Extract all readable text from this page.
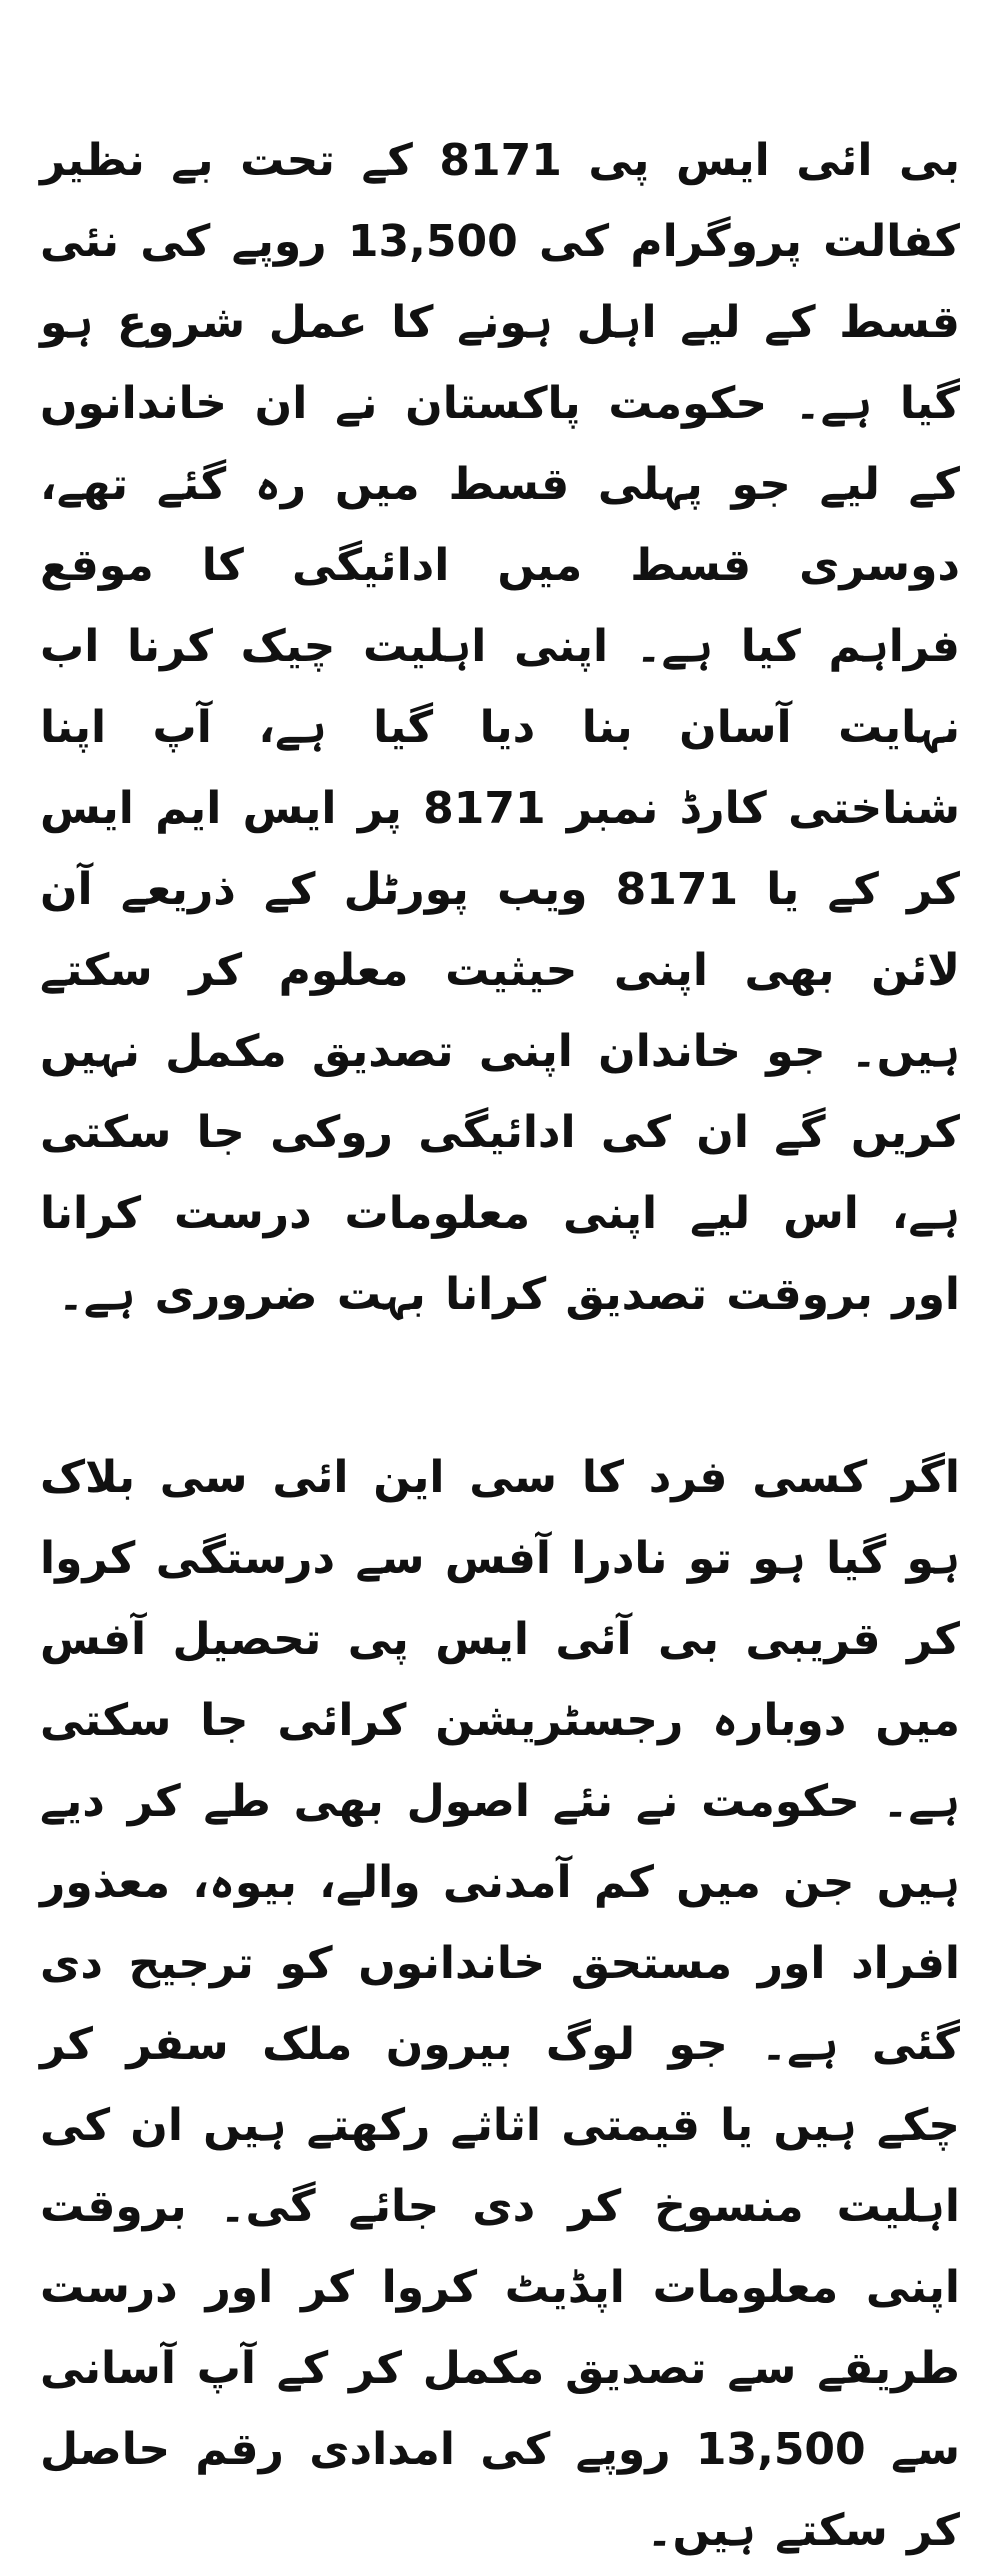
بی ائی ایس پی 8171 کے تحت بے نظیر کفالت پروگرام کی 13,500 روپے کی نئی قسط کے لیے اہل ہونے کا عمل شروع ہو گیا ہے۔ حکومت پاکستان نے ان خاندانوں کے لیے جو پہلی قسط میں رہ گئے تھے، دوسری قسط میں ادائیگی کا موقع فراہم کیا ہے۔ اپنی اہلیت چیک کرنا اب نہایت آسان بنا دیا گیا ہے، آپ اپنا شناختی کارڈ نمبر 8171 پر ایس ایم ایس کر کے یا 8171 ویب پورٹل کے ذریعے آن لائن بھی اپنی حیثیت معلوم کر سکتے ہیں۔ جو خاندان اپنی تصدیق مکمل نہیں کریں گے ان کی ادائیگی روکی جا سکتی ہے، اس لیے اپنی معلومات درست کرانا اور بروقت تصدیق کرانا بہت ضروری ہے۔

اگر کسی فرد کا سی این ائی سی بلاک ہو گیا ہو تو نادرا آفس سے درستگی کروا کر قریبی بی آئی ایس پی تحصیل آفس میں دوبارہ رجسٹریشن کرائی جا سکتی ہے۔ حکومت نے نئے اصول بھی طے کر دیے ہیں جن میں کم آمدنی والے، بیوہ، معذور افراد اور مستحق خاندانوں کو ترجیح دی گئی ہے۔ جو لوگ بیرون ملک سفر کر چکے ہیں یا قیمتی اثاثے رکھتے ہیں ان کی اہلیت منسوخ کر دی جائے گی۔ بروقت اپنی معلومات اپڈیٹ کروا کر اور درست طریقے سے تصدیق مکمل کر کے آپ آسانی سے 13,500 روپے کی امدادی رقم حاصل کر سکتے ہیں۔
